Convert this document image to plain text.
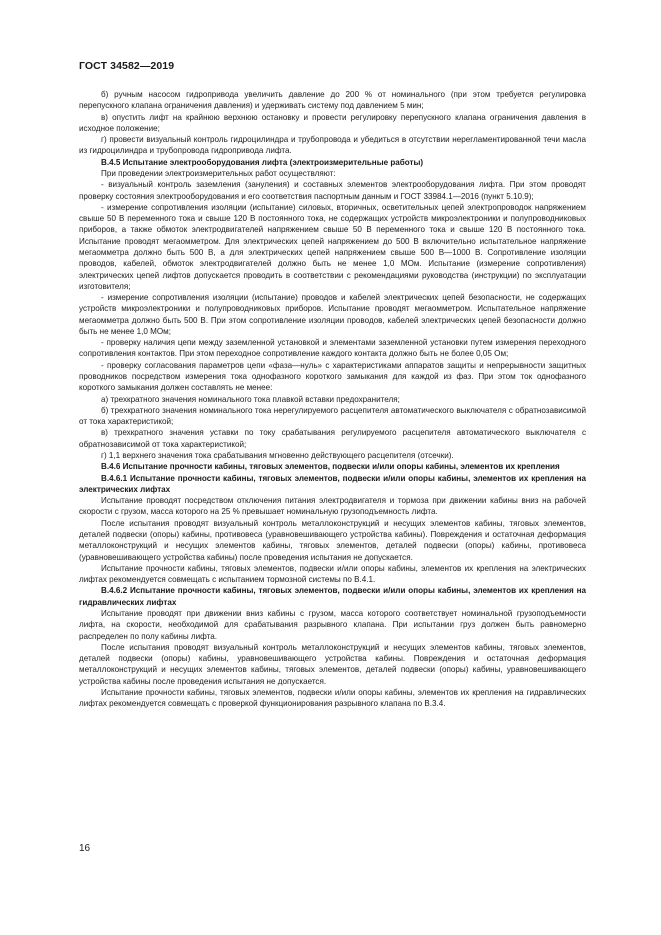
ГОСТ 34582—2019

б) ручным насосом гидропривода увеличить давление до 200 % от номинального (при этом требуется регулировка перепускного клапана ограничения давления) и удерживать систему под давлением 5 мин;

в) опустить лифт на крайнюю верхнюю остановку и провести регулировку перепускного клапана ограничения давления в исходное положение;

г) провести визуальный контроль гидроцилиндра и трубопровода и убедиться в отсутствии нерегламентированной течи масла из гидроцилиндра и трубопровода гидропривода лифта.

В.4.5 Испытание электрооборудования лифта (электроизмерительные работы)

При проведении электроизмерительных работ осуществляют:

- визуальный контроль заземления (зануления) и составных элементов электрооборудования лифта. При этом проводят проверку состояния электрооборудования и его соответствия паспортным данным и ГОСТ 33984.1—2016 (пункт 5.10.9);

- измерение сопротивления изоляции (испытание) силовых, вторичных, осветительных цепей электропроводок напряжением свыше 50 В переменного тока и свыше 120 В постоянного тока, не содержащих устройств микроэлектроники и полупроводниковых приборов, а также обмоток электродвигателей напряжением свыше 50 В переменного тока и свыше 120 В постоянного тока. Испытание проводят мегаомметром. Для электрических цепей напряжением до 500 В включительно испытательное напряжение мегаомметра должно быть 500 В, а для электрических цепей напряжением свыше 500 В—1000 В. Сопротивление изоляции проводов, кабелей, обмоток электродвигателей должно быть не менее 1,0 МОм. Испытание (измерение сопротивления) электрических цепей лифтов допускается проводить в соответствии с рекомендациями руководства (инструкции) по эксплуатации изготовителя;

- измерение сопротивления изоляции (испытание) проводов и кабелей электрических цепей безопасности, не содержащих устройств микроэлектроники и полупроводниковых приборов. Испытание проводят мегаомметром. Испытательное напряжение мегаомметра должно быть 500 В. При этом сопротивление изоляции проводов, кабелей электрических цепей безопасности должно быть не менее 1,0 МОм;

- проверку наличия цепи между заземленной установкой и элементами заземленной установки путем измерения переходного сопротивления контактов. При этом переходное сопротивление каждого контакта должно быть не более 0,05 Ом;

- проверку согласования параметров цепи «фаза—нуль» с характеристиками аппаратов защиты и непрерывности защитных проводников посредством измерения тока однофазного короткого замыкания для каждой из фаз. При этом ток однофазного короткого замыкания должен составлять не менее:

а) трехкратного значения номинального тока плавкой вставки предохранителя;

б) трехкратного значения номинального тока нерегулируемого расцепителя автоматического выключателя с обратнозависимой от тока характеристикой;

в) трехкратного значения уставки по току срабатывания регулируемого расцепителя автоматического выключателя с обратнозависимой от тока характеристикой;

г) 1,1 верхнего значения тока срабатывания мгновенно действующего расцепителя (отсечки).

В.4.6 Испытание прочности кабины, тяговых элементов, подвески и/или опоры кабины, элементов их крепления

В.4.6.1 Испытание прочности кабины, тяговых элементов, подвески и/или опоры кабины, элементов их крепления на электрических лифтах

Испытание проводят посредством отключения питания электродвигателя и тормоза при движении кабины вниз на рабочей скорости с грузом, масса которого на 25 % превышает номинальную грузоподъемность лифта.

После испытания проводят визуальный контроль металлоконструкций и несущих элементов кабины, тяговых элементов, деталей подвески (опоры) кабины, противовеса (уравновешивающего устройства кабины). Повреждения и остаточная деформация металлоконструкций и несущих элементов кабины, тяговых элементов, деталей подвески (опоры) кабины, противовеса (уравновешивающего устройства кабины) после проведения испытания не допускается.

Испытание прочности кабины, тяговых элементов, подвески и/или опоры кабины, элементов их крепления на электрических лифтах рекомендуется совмещать с испытанием тормозной системы по В.4.1.

В.4.6.2 Испытание прочности кабины, тяговых элементов, подвески и/или опоры кабины, элементов их крепления на гидравлических лифтах

Испытание проводят при движении вниз кабины с грузом, масса которого соответствует номинальной грузоподъемности лифта, на скорости, необходимой для срабатывания разрывного клапана. При испытании груз должен быть равномерно распределен по полу кабины лифта.

После испытания проводят визуальный контроль металлоконструкций и несущих элементов кабины, тяговых элементов, деталей подвески (опоры) кабины, уравновешивающего устройства кабины. Повреждения и остаточная деформация металлоконструкций и несущих элементов кабины, тяговых элементов, деталей подвески (опоры) кабины, уравновешивающего устройства кабины после проведения испытания не допускается.

Испытание прочности кабины, тяговых элементов, подвески и/или опоры кабины, элементов их крепления на гидравлических лифтах рекомендуется совмещать с проверкой функционирования разрывного клапана по В.3.4.

16
